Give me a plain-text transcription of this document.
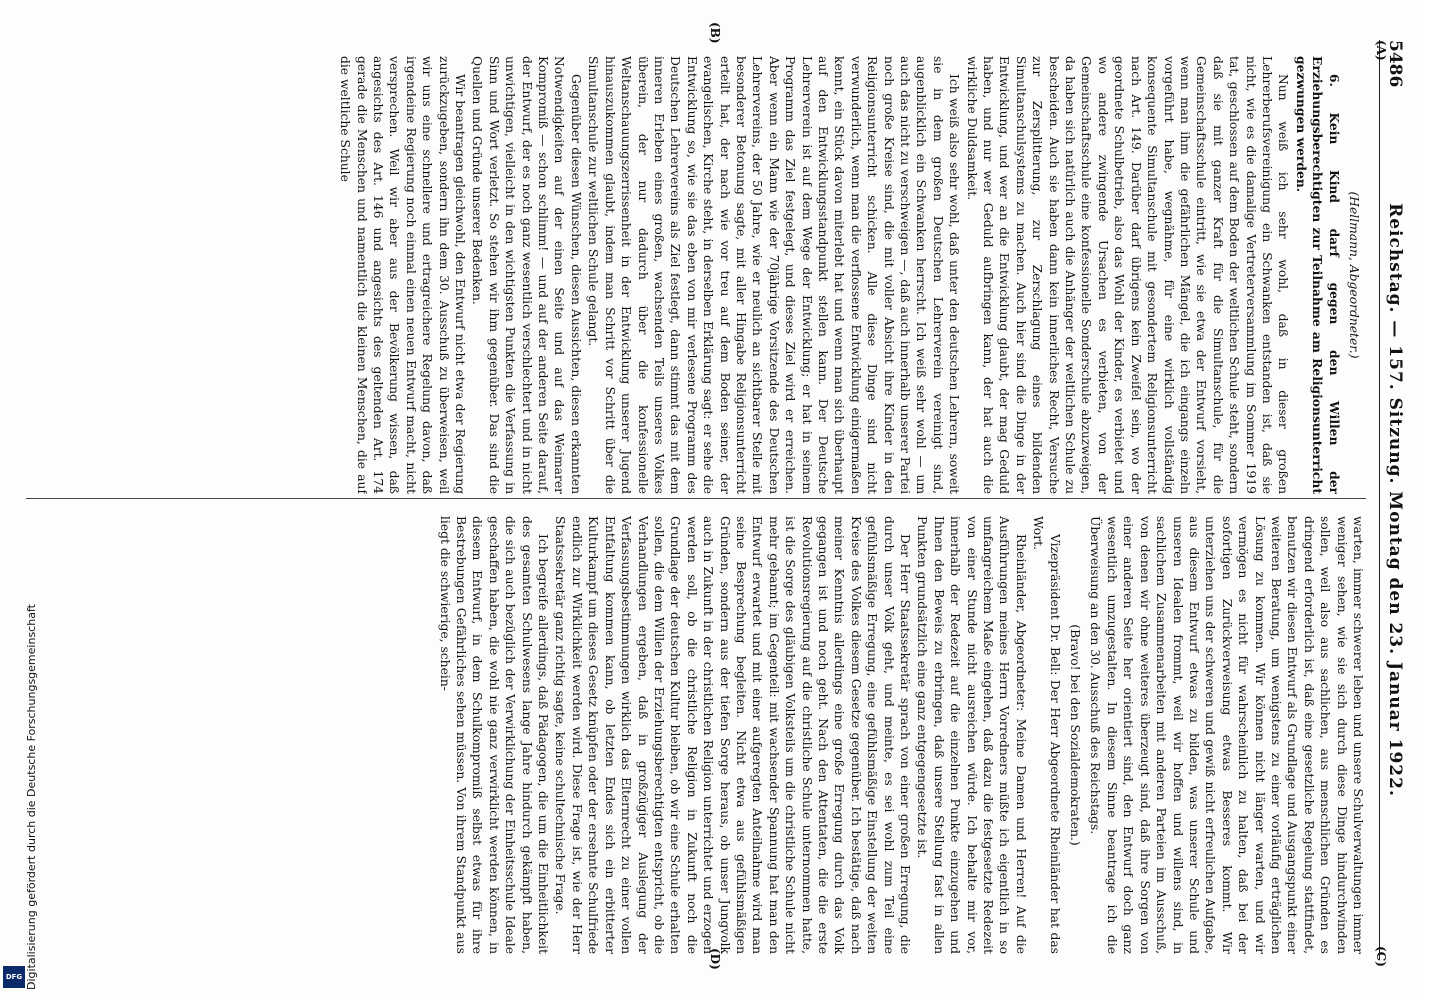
5486
Reichstag. — 157. Sitzung. Montag den 23. Januar 1922.
(A)
(B)
(C)
(D)

(Hellmann, Abgeordneter.)

6. Kein Kind darf gegen den Willen der Erziehungsberechtigten zur Teilnahme am Religionsunterricht gezwungen werden.

Nun weiß ich sehr wohl, daß in dieser großen Lehrerberufsvereinigung ein Schwanken entstanden ist, daß sie nicht, wie es die damalige Vertreterversammlung im Sommer 1919 tat, geschlossen auf dem Boden der weltlichen Schule steht, sondern daß sie mit ganzer Kraft für die Simultanschule, für die Gemeinschaftsschule eintritt, wie sie etwa der Entwurf vorsieht, wenn man ihm die gefährlichen Mängel, die ich eingangs einzeln vorgeführt habe, wegnähme, für eine wirklich vollständig konsequente Simultanschule mit gesondertem Religionsunterricht nach Art. 149. Darüber darf übrigens kein Zweifel sein, wo der geordnete Schulbetrieb, also das Wohl der Kinder, es verbietet und wo andere zwingende Ursachen es verbieten, von der Gemeinschaftsschule eine konfessionelle Sonderschule abzuzweigen, da haben sich natürlich auch die Anhänger der weltlichen Schule zu bescheiden. Auch sie haben dann kein innerliches Recht, Versuche zur Zersplitterung, zur Zerschlagung eines bildenden Simultanschulsystems zu machen. Auch hier sind die Dinge in der Entwicklung, und wer an die Entwicklung glaubt, der mag Geduld haben, und nur wer Geduld aufbringen kann, der hat auch die wirkliche Duldsamkeit.

Ich weiß also sehr wohl, daß unter den deutschen Lehrern, soweit sie in dem großen Deutschen Lehrerverein vereinigt sind, augenblicklich ein Schwanken herrscht. Ich weiß sehr wohl — um auch das nicht zu verschweigen —, daß auch innerhalb unserer Partei noch große Kreise sind, die mit voller Absicht ihre Kinder in den Religionsunterricht schicken. Alle diese Dinge sind nicht verwunderlich, wenn man die verflossene Entwicklung einigermaßen kennt, ein Stück davon miterlebt hat und wenn man sich überhaupt auf den Entwicklungsstandpunkt stellen kann. Der Deutsche Lehrerverein ist auf dem Wege der Entwicklung; er hat in seinem Programm das Ziel festgelegt, und dieses Ziel wird er erreichen. Aber wenn ein Mann wie der 70jährige Vorsitzende des Deutschen Lehrervereins, der 50 Jahre, wie er neulich an sichtbarer Stelle mit besonderer Betonung sagte, mit aller Hingabe Religionsunterricht erteilt hat, der nach wie vor treu auf dem Boden seiner, der evangelischen, Kirche steht, in derselben Erklärung sagt: er sehe die Entwicklung so, wie sie das eben von mir verlesene Programm des Deutschen Lehrervereins als Ziel festlegt, dann stimmt das mit dem inneren Erleben eines großen, wachsenden Teils unseres Volkes überein, der nur dadurch über die konfessionelle Weltanschauungszerrissenheit in der Entwicklung unserer Jugend hinauszukommen glaubt, indem man Schritt vor Schritt über die Simultanschule zur weltlichen Schule gelangt.

Gegenüber diesen Wünschen, diesen Aussichten, diesen erkannten Notwendigkeiten auf der einen Seite und auf das Weimarer Kompromiß — schon schlimm! — und auf der anderen Seite darauf, der Entwurf, der es noch ganz wesentlich verschlechtert und in nicht unwichtigen, vielleicht in den wichtigsten Punkten die Verfassung in Sinn und Wort verletzt. So stehen wir ihm gegenüber. Das sind die Quellen und Gründe unserer Bedenken.

Wir beantragen gleichwohl, den Entwurf nicht etwa der Regierung zurückzugeben, sondern ihn dem 30. Ausschuß zu überweisen, weil wir uns eine schnellere und ertragreichere Regelung davon, daß irgendeine Regierung noch einmal einen neuen Entwurf macht, nicht versprechen. Weil wir aber aus der Bevölkerung wissen, daß angesichts des Art. 146 und angesichts des geltenden Art. 174 gerade die Menschen und namentlich die kleinen Menschen, die auf die weltliche Schule

warten, immer schwerer leben und unsere Schulverwaltungen immer weniger sehen, wie sie sich durch diese Dinge hindurchwinden sollen, weil also aus sachlichen, aus menschlichen Gründen es dringend erforderlich ist, daß eine gesetzliche Regelung stattfindet, benutzen wir diesen Entwurf als Grundlage und Ausgangspunkt einer weiteren Beratung, um wenigstens zu einer vorläufig erträglichen Lösung zu kommen. Wir können nicht länger warten, und wir vermögen es nicht für wahrscheinlich zu halten, daß bei der sofortigen Zurückverweisung etwas Besseres kommt. Wir unterziehen uns der schweren und gewiß nicht erfreulichen Aufgabe, aus diesem Entwurf etwas zu bilden, was unserer Schule und unseren Idealen frommt, weil wir hoffen und willens sind, in sachlichem Zusammenarbeiten mit anderen Parteien im Ausschuß, von denen wir ohne weiteres überzeugt sind, daß ihre Sorgen von einer anderen Seite her orientiert sind, den Entwurf doch ganz wesentlich umzugestalten. In diesem Sinne beantrage ich die Überweisung an den 30. Ausschuß des Reichstags.

(Bravo! bei den Sozialdemokraten.)

Vizepräsident Dr. Bell: Der Herr Abgeordnete Rheinländer hat das Wort.

Rheinländer, Abgeordneter: Meine Damen und Herren! Auf die Ausführungen meines Herrn Vorredners müßte ich eigentlich in so umfangreichem Maße eingehen, daß dazu die festgesetzte Redezeit von einer Stunde nicht ausreichen würde. Ich behalte mir vor, innerhalb der Redezeit auf die einzelnen Punkte einzugehen und Ihnen den Beweis zu erbringen, daß unsere Stellung fast in allen Punkten grundsätzlich eine ganz entgegengesetzte ist.

Der Herr Staatssekretär sprach von einer großen Erregung, die durch unser Volk geht, und meinte, es sei wohl zum Teil eine gefühlsmäßige Erregung, eine gefühlsmäßige Einstellung der weiten Kreise des Volkes diesem Gesetze gegenüber. Ich bestätige, daß nach meiner Kenntnis allerdings eine große Erregung durch das Volk gegangen ist und noch geht. Nach den Attentaten, die die erste Revolutionsregierung auf die christliche Schule unternommen hatte, ist die Sorge des gläubigen Volksteils um die christliche Schule nicht mehr gebannt; im Gegenteil: mit wachsender Spannung hat man den Entwurf erwartet und mit einer aufgeregten Anteilnahme wird man seine Besprechung begleiten. Nicht etwa aus gefühlsmäßigen Gründen, sondern aus der tiefen Sorge heraus, ob unser Jungvolk auch in Zukunft in der christlichen Religion unterrichtet und erzogen werden soll, ob die christliche Religion in Zukunft noch die Grundlage der deutschen Kultur bleiben, ob wir eine Schule erhalten sollen, die dem Willen der Erziehungsberechtigten entspricht, ob die Verhandlungen ergeben, daß in großzügiger Auslegung der Verfassungsbestimmungen wirklich das Elternrecht zu einer vollen Entfaltung kommen kann, ob letzten Endes sich ein erbitterter Kulturkampf um dieses Gesetz knüpfen oder der ersehnte Schulfriede endlich zur Wirklichkeit werden wird. Diese Frage ist, wie der Herr Staatssekretär ganz richtig sagte, keine schultechnische Frage.

Ich begreife allerdings, daß Pädagogen, die um die Einheitlichkeit des gesamten Schulwesens lange Jahre hindurch gekämpft haben, die sich auch bezüglich der Verwirklichung der Einheitsschule Ideale geschaffen haben, die wohl nie ganz verwirklicht werden können, in diesem Entwurf, in dem Schulkompromiß selbst etwas für ihre Bestrebungen Gefährliches sehen müssen. Von ihrem Standpunkt aus liegt die schwierige, schein-

Digitalisierung gefördert durch die Deutsche Forschungsgemeinschaft
DFG
